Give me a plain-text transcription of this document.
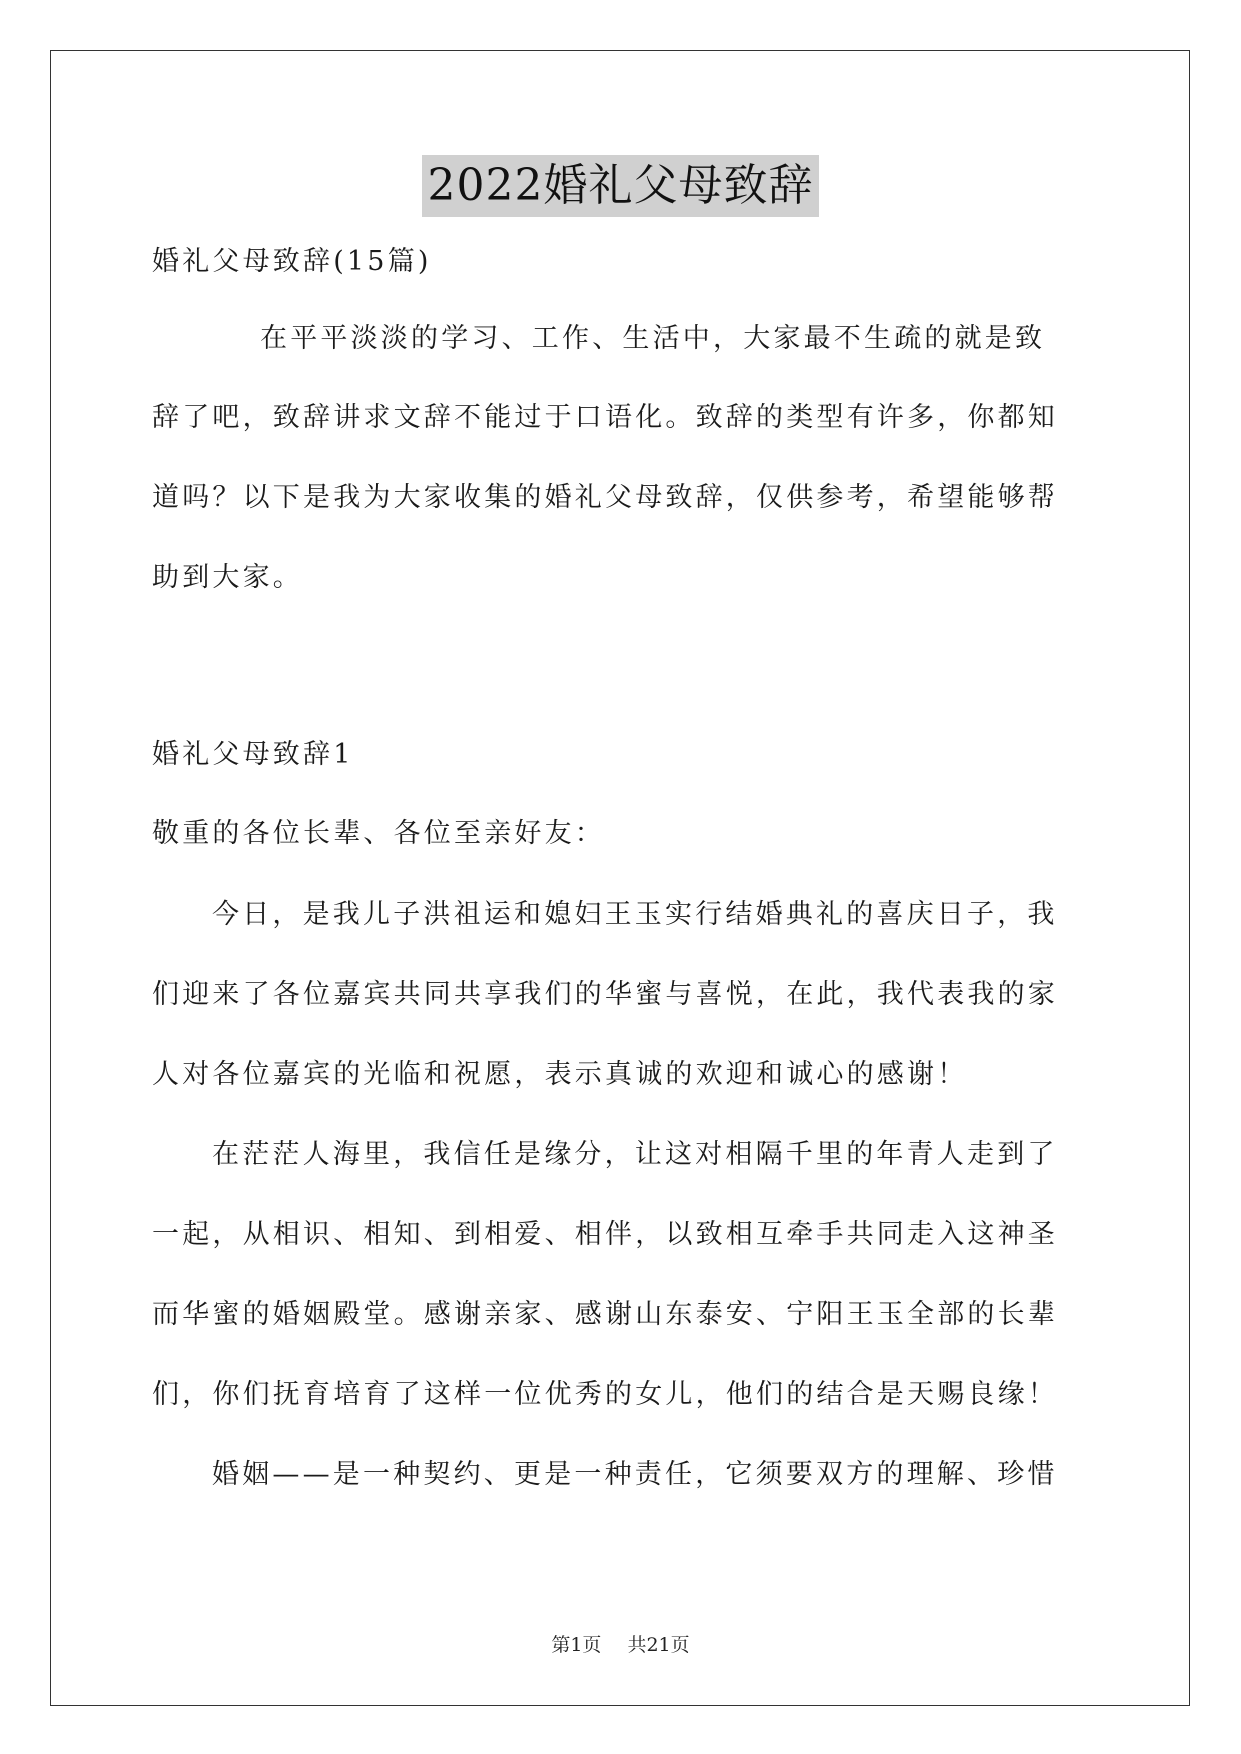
2022婚礼父母致辞
婚礼父母致辞(15篇)
在平平淡淡的学习、工作、生活中，大家最不生疏的就是致
辞了吧，致辞讲求文辞不能过于口语化。致辞的类型有许多，你都知
道吗？以下是我为大家收集的婚礼父母致辞，仅供参考，希望能够帮
助到大家。
婚礼父母致辞1
敬重的各位长辈、各位至亲好友：
今日，是我儿子洪祖运和媳妇王玉实行结婚典礼的喜庆日子，我
们迎来了各位嘉宾共同共享我们的华蜜与喜悦，在此，我代表我的家
人对各位嘉宾的光临和祝愿，表示真诚的欢迎和诚心的感谢！
在茫茫人海里，我信任是缘分，让这对相隔千里的年青人走到了
一起，从相识、相知、到相爱、相伴，以致相互牵手共同走入这神圣
而华蜜的婚姻殿堂。感谢亲家、感谢山东泰安、宁阳王玉全部的长辈
们，你们抚育培育了这样一位优秀的女儿，他们的结合是天赐良缘！
婚姻——是一种契约、更是一种责任，它须要双方的理解、珍惜
第1页 共21页
